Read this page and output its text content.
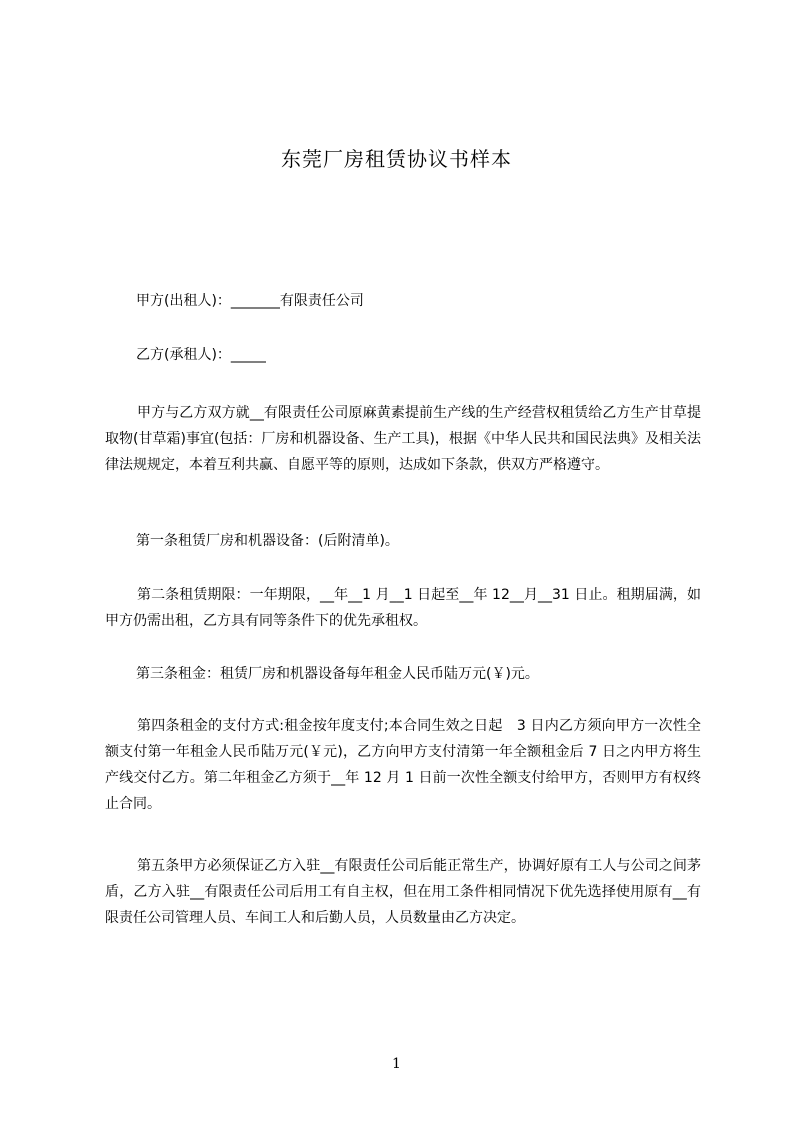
东莞厂房租赁协议书样本
甲方(出租人)：_______有限责任公司
乙方(承租人)：_____
甲方与乙方双方就__有限责任公司原麻黄素提前生产线的生产经营权租赁给乙方生产甘草提取物(甘草霜)事宜(包括：厂房和机器设备、生产工具)，根据《中华人民共和国民法典》及相关法律法规规定，本着互利共赢、自愿平等的原则，达成如下条款，供双方严格遵守。
第一条租赁厂房和机器设备：(后附清单)。
第二条租赁期限：一年期限，__年__1 月__1 日起至__年 12__月__31 日止。租期届满，如甲方仍需出租，乙方具有同等条件下的优先承租权。
第三条租金：租赁厂房和机器设备每年租金人民币陆万元(￥)元。
第四条租金的支付方式:租金按年度支付;本合同生效之日起　3 日内乙方须向甲方一次性全额支付第一年租金人民币陆万元(￥元)，乙方向甲方支付清第一年全额租金后 7 日之内甲方将生产线交付乙方。第二年租金乙方须于__年 12 月 1 日前一次性全额支付给甲方，否则甲方有权终止合同。
第五条甲方必须保证乙方入驻__有限责任公司后能正常生产，协调好原有工人与公司之间茅盾，乙方入驻__有限责任公司后用工有自主权，但在用工条件相同情况下优先选择使用原有__有限责任公司管理人员、车间工人和后勤人员，人员数量由乙方决定。
1
